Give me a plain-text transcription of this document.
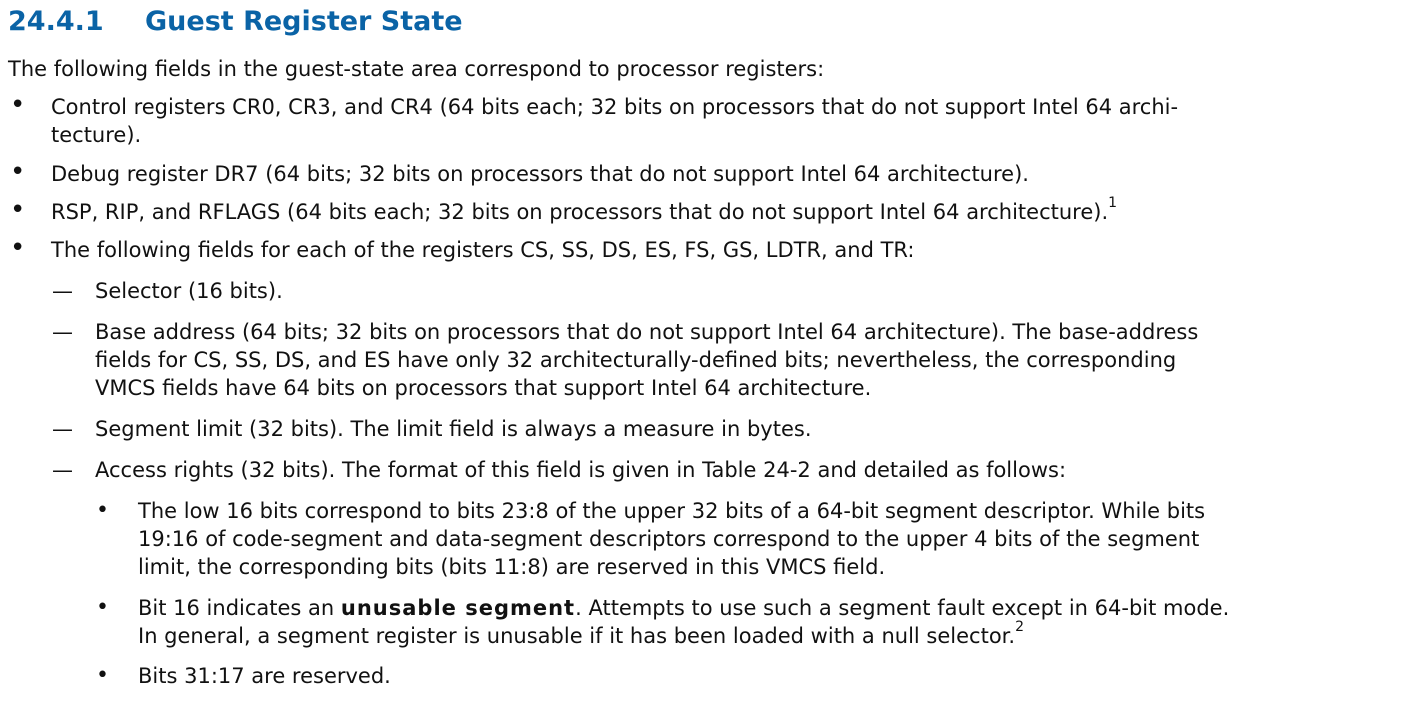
24.4.1 Guest Register State
The following fields in the guest-state area correspond to processor registers:
• Control registers CR0, CR3, and CR4 (64 bits each; 32 bits on processors that do not support Intel 64 archi-
tecture).
• Debug register DR7 (64 bits; 32 bits on processors that do not support Intel 64 architecture).
• RSP, RIP, and RFLAGS (64 bits each; 32 bits on processors that do not support Intel 64 architecture).$^1$
• The following fields for each of the registers CS, SS, DS, ES, FS, GS, LDTR, and TR:
— Selector (16 bits).
— Base address (64 bits; 32 bits on processors that do not support Intel 64 architecture). The base-address
fields for CS, SS, DS, and ES have only 32 architecturally-defined bits; nevertheless, the corresponding
VMCS fields have 64 bits on processors that support Intel 64 architecture.
— Segment limit (32 bits). The limit field is always a measure in bytes.
— Access rights (32 bits). The format of this field is given in Table 24-2 and detailed as follows:
•	The low 16 bits correspond to bits 23:8 of the upper 32 bits of a 64-bit segment descriptor. While bits
19:16 of code-segment and data-segment descriptors correspond to the upper 4 bits of the segment
limit, the corresponding bits (bits 11:8) are reserved in this VMCS field.
•	Bit 16 indicates an unusable segment. Attempts to use such a segment fault except in 64-bit mode.
In general, a segment register is unusable if it has been loaded with a null selector.$^2$
•	Bits 31:17 are reserved.
